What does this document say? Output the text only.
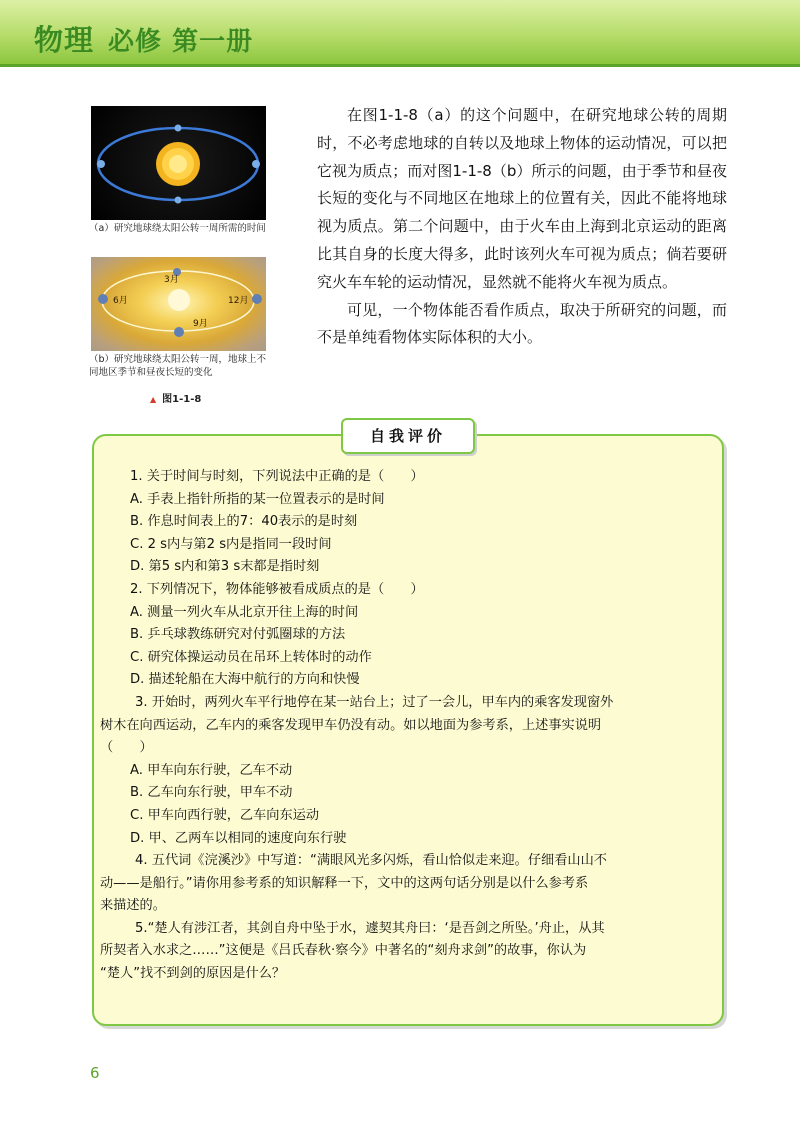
物理 必修 第一册
（a）研究地球绕太阳公转一周所需的时间
3月
6月	12月
9月
（b）研究地球绕太阳公转一周，地球上不同地区季节和昼夜长短的变化
▲ 图1-1-8

在图1-1-8（a）的这个问题中，在研究地球公转的周期时，不必考虑地球的自转以及地球上物体的运动情况，可以把它视为质点；而对图1-1-8（b）所示的问题，由于季节和昼夜长短的变化与不同地区在地球上的位置有关，因此不能将地球视为质点。第二个问题中，由于火车由上海到北京运动的距离比其自身的长度大得多，此时该列火车可视为质点；倘若要研究火车车轮的运动情况，显然就不能将火车视为质点。

可见，一个物体能否看作质点，取决于所研究的问题，而不是单纯看物体实际体积的大小。

自我评价
1. 关于时间与时刻，下列说法中正确的是（　　）
A. 手表上指针所指的某一位置表示的是时间
B. 作息时间表上的7：40表示的是时刻
C. 2 s内与第2 s内是指同一段时间
D. 第5 s内和第3 s末都是指时刻
2. 下列情况下，物体能够被看成质点的是（　　）
A. 测量一列火车从北京开往上海的时间
B. 乒乓球教练研究对付弧圈球的方法
C. 研究体操运动员在吊环上转体时的动作
D. 描述轮船在大海中航行的方向和快慢
3. 开始时，两列火车平行地停在某一站台上；过了一会儿，甲车内的乘客发现窗外
树木在向西运动，乙车内的乘客发现甲车仍没有动。如以地面为参考系，上述事实说明
（　　）
A. 甲车向东行驶，乙车不动
B. 乙车向东行驶，甲车不动
C. 甲车向西行驶，乙车向东运动
D. 甲、乙两车以相同的速度向东行驶
4. 五代词《浣溪沙》中写道：“满眼风光多闪烁，看山恰似走来迎。仔细看山山不
动——是船行。”请你用参考系的知识解释一下，文中的这两句话分别是以什么参考系
来描述的。
5.“楚人有涉江者，其剑自舟中坠于水，遽契其舟曰：‘是吾剑之所坠。’舟止，从其
所契者入水求之……”这便是《吕氏春秋·察今》中著名的“刻舟求剑”的故事，你认为
“楚人”找不到剑的原因是什么？
6
